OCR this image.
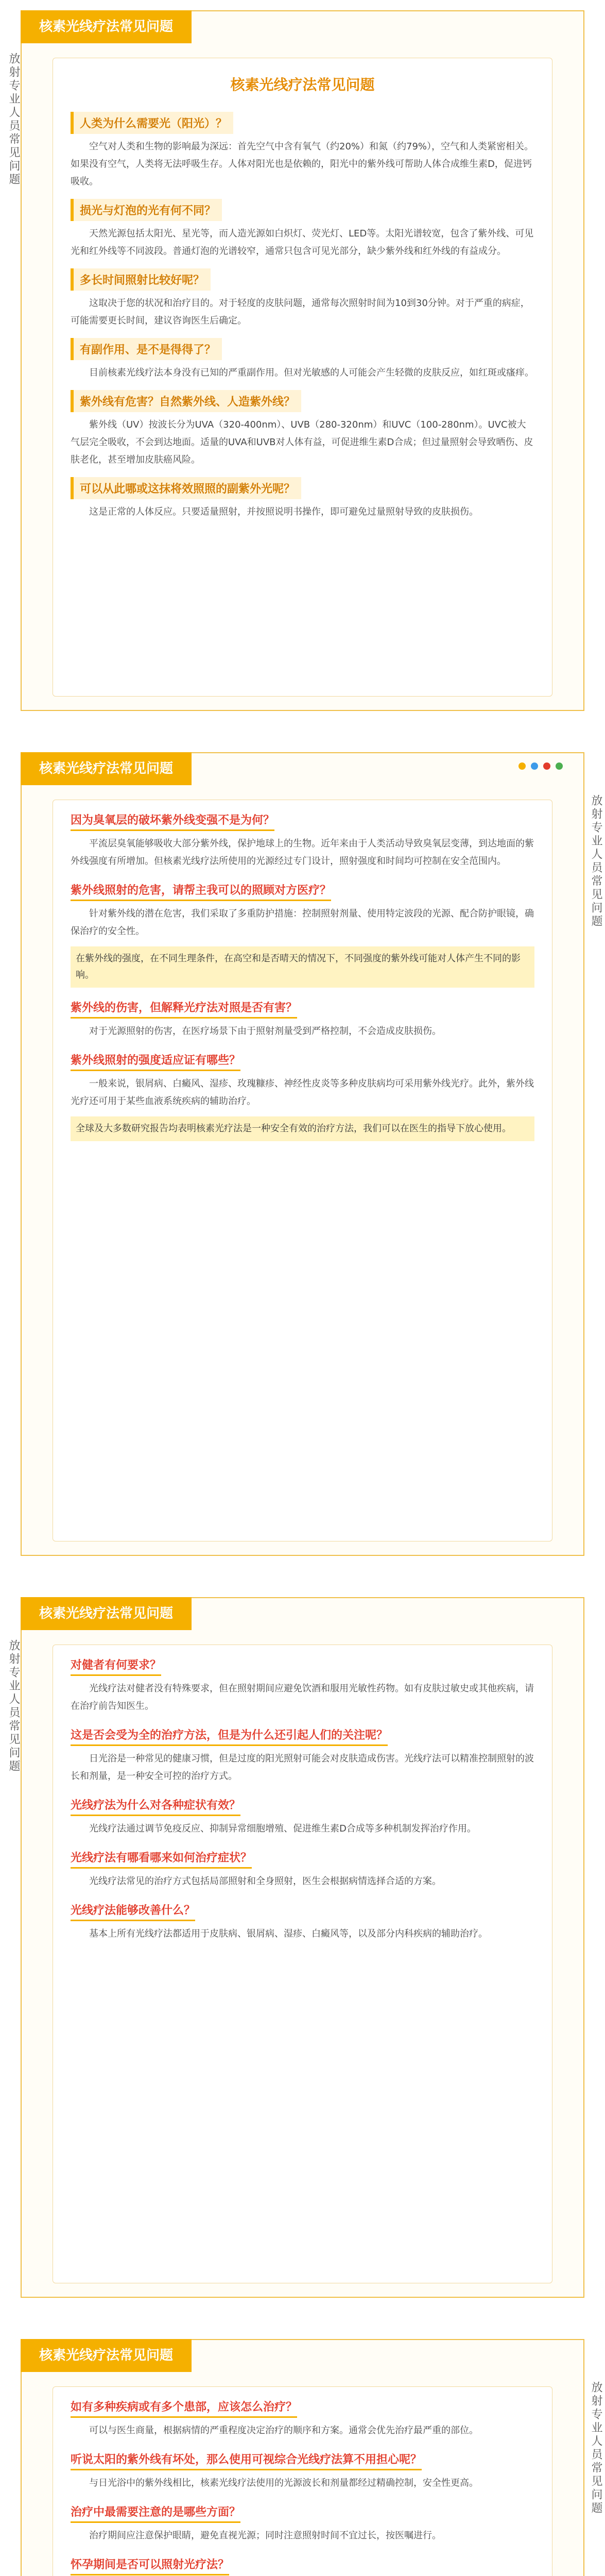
核素光线疗法常见问题
放射专业人员常见问题	核素光线疗法常见问题
人类为什么需要光（阳光）？
空气对人类和生物的影响最为深远：首先空气中含有氧气（约20%）和氮（约79%），空气和人类紧密相关。如果没有空气，人类将无法呼吸生存。人体对阳光也是依赖的，阳光中的紫外线可帮助人体合成维生素D，促进钙吸收。
损光与灯泡的光有何不同？
天然光源包括太阳光、星光等，而人造光源如白炽灯、荧光灯、LED等。太阳光谱较宽，包含了紫外线、可见光和红外线等不同波段。普通灯泡的光谱较窄，通常只包含可见光部分，缺少紫外线和红外线的有益成分。
多长时间照射比较好呢？
这取决于您的状况和治疗目的。对于轻度的皮肤问题，通常每次照射时间为10到30分钟。对于严重的病症，可能需要更长时间，建议咨询医生后确定。
有副作用、是不是得得了？
目前核素光线疗法本身没有已知的严重副作用。但对光敏感的人可能会产生轻微的皮肤反应，如红斑或瘙痒。
紫外线有危害？自然紫外线、人造紫外线？
紫外线（UV）按波长分为UVA（320-400nm）、UVB（280-320nm）和UVC（100-280nm）。UVC被大气层完全吸收，不会到达地面。适量的UVA和UVB对人体有益，可促进维生素D合成；但过量照射会导致晒伤、皮肤老化，甚至增加皮肤癌风险。
可以从此哪或这抹将效照照的副紫外光呢？
这是正常的人体反应。只要适量照射，并按照说明书操作，即可避免过量照射导致的皮肤损伤。
核素光线疗法常见问题
放射专业人员常见问题
因为臭氧层的破坏紫外线变强不是为何？
平流层臭氧能够吸收大部分紫外线，保护地球上的生物。近年来由于人类活动导致臭氧层变薄，到达地面的紫外线强度有所增加。但核素光线疗法所使用的光源经过专门设计，照射强度和时间均可控制在安全范围内。
紫外线照射的危害，请帮主我可以的照顾对方医疗？
针对紫外线的潜在危害，我们采取了多重防护措施：控制照射剂量、使用特定波段的光源、配合防护眼镜，确保治疗的安全性。
在紫外线的强度，在不同生理条件，在高空和是否晴天的情况下，不同强度的紫外线可能对人体产生不同的影响。
紫外线的伤害，但解释光疗法对照是否有害？
对于光源照射的伤害，在医疗场景下由于照射剂量受到严格控制，不会造成皮肤损伤。
紫外线照射的强度适应证有哪些？
一般来说，银屑病、白癜风、湿疹、玫瑰糠疹、神经性皮炎等多种皮肤病均可采用紫外线光疗。此外，紫外线光疗还可用于某些血液系统疾病的辅助治疗。
全球及大多数研究报告均表明核素光疗法是一种安全有效的治疗方法，我们可以在医生的指导下放心使用。
核素光线疗法常见问题
放射专业人员常见问题	对健者有何要求？
光线疗法对健者没有特殊要求，但在照射期间应避免饮酒和服用光敏性药物。如有皮肤过敏史或其他疾病，请在治疗前告知医生。
这是否会受为全的治疗方法，但是为什么还引起人们的关注呢？
日光浴是一种常见的健康习惯，但是过度的阳光照射可能会对皮肤造成伤害。光线疗法可以精准控制照射的波长和剂量，是一种安全可控的治疗方式。
光线疗法为什么对各种症状有效？
光线疗法通过调节免疫反应、抑制异常细胞增殖、促进维生素D合成等多种机制发挥治疗作用。
光线疗法有哪看哪来如何治疗症状？
光线疗法常见的治疗方式包括局部照射和全身照射，医生会根据病情选择合适的方案。
光线疗法能够改善什么？
基本上所有光线疗法都适用于皮肤病、银屑病、湿疹、白癜风等，以及部分内科疾病的辅助治疗。
核素光线疗法常见问题
放射专业人员常见问题
如有多种疾病或有多个患部，应该怎么治疗？
可以与医生商量，根据病情的严重程度决定治疗的顺序和方案。通常会优先治疗最严重的部位。
听说太阳的紫外线有坏处，那么使用可视综合光线疗法算不用担心呢？
与日光浴中的紫外线相比，核素光线疗法使用的光源波长和剂量都经过精确控制，安全性更高。
治疗中最需要注意的是哪些方面？
治疗期间应注意保护眼睛，避免直视光源；同时注意照射时间不宜过长，按医嘱进行。
怀孕期间是否可以照射光疗法？
